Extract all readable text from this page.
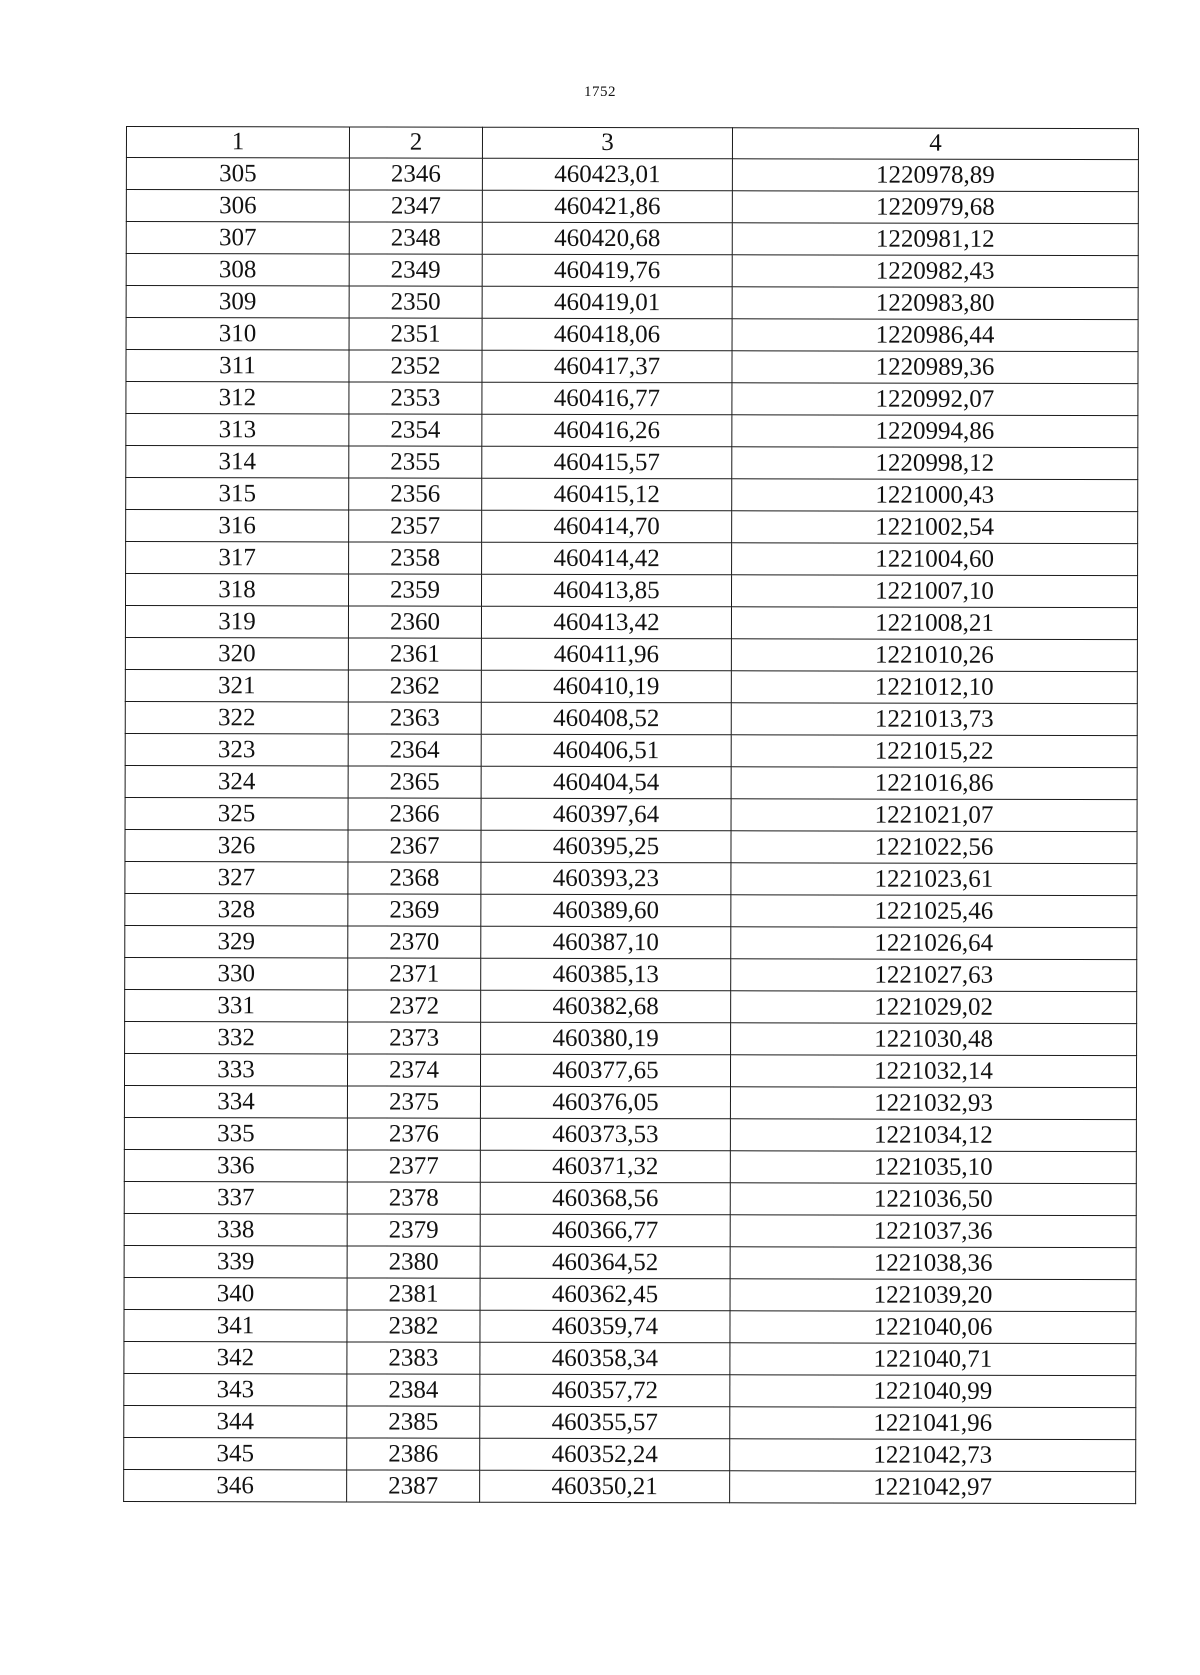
1752
1	2	3	4
305	2346	460423,01	1220978,89
306	2347	460421,86	1220979,68
307	2348	460420,68	1220981,12
308	2349	460419,76	1220982,43
309	2350	460419,01	1220983,80
310	2351	460418,06	1220986,44
311	2352	460417,37	1220989,36
312	2353	460416,77	1220992,07
313	2354	460416,26	1220994,86
314	2355	460415,57	1220998,12
315	2356	460415,12	1221000,43
316	2357	460414,70	1221002,54
317	2358	460414,42	1221004,60
318	2359	460413,85	1221007,10
319	2360	460413,42	1221008,21
320	2361	460411,96	1221010,26
321	2362	460410,19	1221012,10
322	2363	460408,52	1221013,73
323	2364	460406,51	1221015,22
324	2365	460404,54	1221016,86
325	2366	460397,64	1221021,07
326	2367	460395,25	1221022,56
327	2368	460393,23	1221023,61
328	2369	460389,60	1221025,46
329	2370	460387,10	1221026,64
330	2371	460385,13	1221027,63
331	2372	460382,68	1221029,02
332	2373	460380,19	1221030,48
333	2374	460377,65	1221032,14
334	2375	460376,05	1221032,93
335	2376	460373,53	1221034,12
336	2377	460371,32	1221035,10
337	2378	460368,56	1221036,50
338	2379	460366,77	1221037,36
339	2380	460364,52	1221038,36
340	2381	460362,45	1221039,20
341	2382	460359,74	1221040,06
342	2383	460358,34	1221040,71
343	2384	460357,72	1221040,99
344	2385	460355,57	1221041,96
345	2386	460352,24	1221042,73
346	2387	460350,21	1221042,97
